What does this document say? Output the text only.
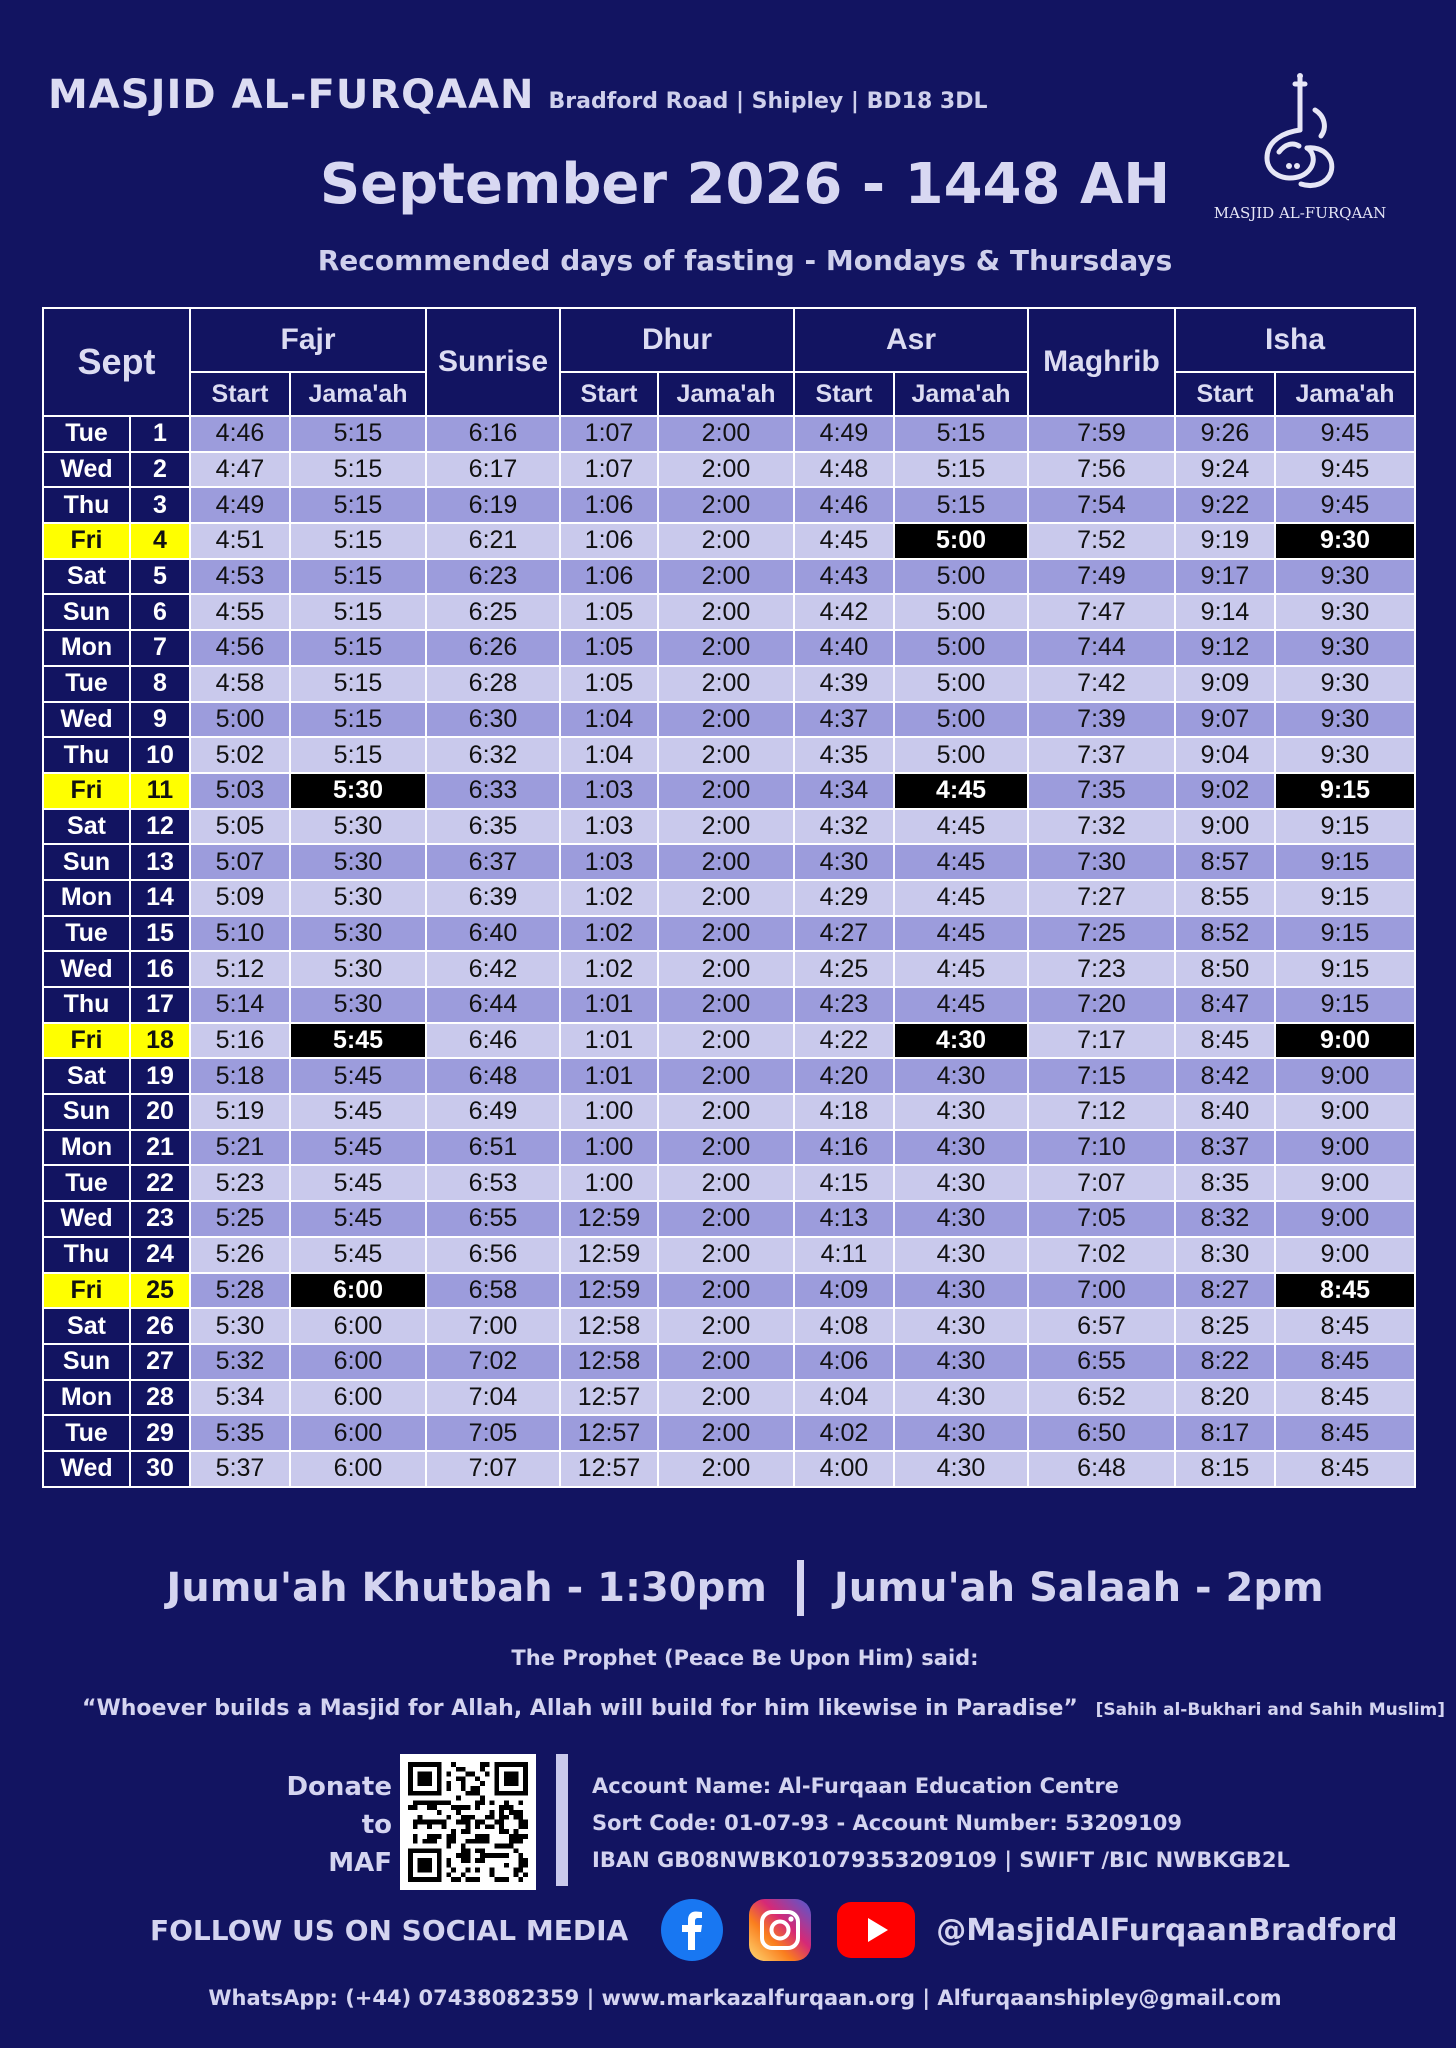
MASJID AL-FURQAAN Bradford Road | Shipley | BD18 3DL
September 2026 - 1448 AH
Recommended days of fasting - Mondays & Thursdays
MASJID AL-FURQAAN
Sept		Fajr		Sunrise	Dhur		Asr		Maghrib	Isha	
		Start	Jama'ah		Start	Jama'ah	Start	Jama'ah		Start	Jama'ah
Tue	1	4:46	5:15	6:16	1:07	2:00	4:49	5:15	7:59	9:26	9:45
Wed	2	4:47	5:15	6:17	1:07	2:00	4:48	5:15	7:56	9:24	9:45
Thu	3	4:49	5:15	6:19	1:06	2:00	4:46	5:15	7:54	9:22	9:45
Fri	4	4:51	5:15	6:21	1:06	2:00	4:45	5:00	7:52	9:19	9:30
Sat	5	4:53	5:15	6:23	1:06	2:00	4:43	5:00	7:49	9:17	9:30
Sun	6	4:55	5:15	6:25	1:05	2:00	4:42	5:00	7:47	9:14	9:30
Mon	7	4:56	5:15	6:26	1:05	2:00	4:40	5:00	7:44	9:12	9:30
Tue	8	4:58	5:15	6:28	1:05	2:00	4:39	5:00	7:42	9:09	9:30
Wed	9	5:00	5:15	6:30	1:04	2:00	4:37	5:00	7:39	9:07	9:30
Thu	10	5:02	5:15	6:32	1:04	2:00	4:35	5:00	7:37	9:04	9:30
Fri	11	5:03	5:30	6:33	1:03	2:00	4:34	4:45	7:35	9:02	9:15
Sat	12	5:05	5:30	6:35	1:03	2:00	4:32	4:45	7:32	9:00	9:15
Sun	13	5:07	5:30	6:37	1:03	2:00	4:30	4:45	7:30	8:57	9:15
Mon	14	5:09	5:30	6:39	1:02	2:00	4:29	4:45	7:27	8:55	9:15
Tue	15	5:10	5:30	6:40	1:02	2:00	4:27	4:45	7:25	8:52	9:15
Wed	16	5:12	5:30	6:42	1:02	2:00	4:25	4:45	7:23	8:50	9:15
Thu	17	5:14	5:30	6:44	1:01	2:00	4:23	4:45	7:20	8:47	9:15
Fri	18	5:16	5:45	6:46	1:01	2:00	4:22	4:30	7:17	8:45	9:00
Sat	19	5:18	5:45	6:48	1:01	2:00	4:20	4:30	7:15	8:42	9:00
Sun	20	5:19	5:45	6:49	1:00	2:00	4:18	4:30	7:12	8:40	9:00
Mon	21	5:21	5:45	6:51	1:00	2:00	4:16	4:30	7:10	8:37	9:00
Tue	22	5:23	5:45	6:53	1:00	2:00	4:15	4:30	7:07	8:35	9:00
Wed	23	5:25	5:45	6:55	12:59	2:00	4:13	4:30	7:05	8:32	9:00
Thu	24	5:26	5:45	6:56	12:59	2:00	4:11	4:30	7:02	8:30	9:00
Fri	25	5:28	6:00	6:58	12:59	2:00	4:09	4:30	7:00	8:27	8:45
Sat	26	5:30	6:00	7:00	12:58	2:00	4:08	4:30	6:57	8:25	8:45
Sun	27	5:32	6:00	7:02	12:58	2:00	4:06	4:30	6:55	8:22	8:45
Mon	28	5:34	6:00	7:04	12:57	2:00	4:04	4:30	6:52	8:20	8:45
Tue	29	5:35	6:00	7:05	12:57	2:00	4:02	4:30	6:50	8:17	8:45
Wed	30	5:37	6:00	7:07	12:57	2:00	4:00	4:30	6:48	8:15	8:45
Jumu'ah Khutbah - 1:30pm Jumu'ah Salaah - 2pm
The Prophet (Peace Be Upon Him) said:
“Whoever builds a Masjid for Allah, Allah will build for him likewise in Paradise” [Sahih al-Bukhari and Sahih Muslim]
Donate to
MAF
Account Name: Al-Furqaan Education Centre
Sort Code: 01-07-93 - Account Number: 53209109
IBAN GB08NWBK01079353209109 | SWIFT /BIC NWBKGB2L
FOLLOW US ON SOCIAL MEDIA	@MasjidAlFurqaanBradford
WhatsApp: (+44) 07438082359 | www.markazalfurqaan.org | Alfurqaanshipley@gmail.com
